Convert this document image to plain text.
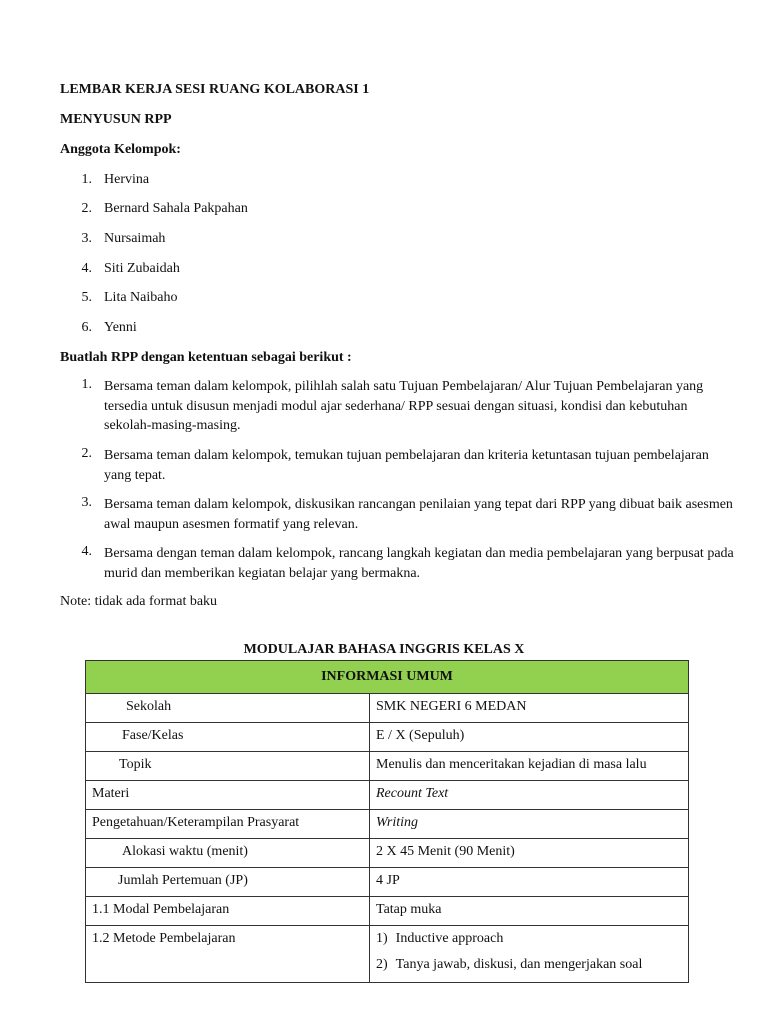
LEMBAR KERJA SESI RUANG KOLABORASI 1
MENYUSUN RPP
Anggota Kelompok:
1. Hervina
2. Bernard Sahala Pakpahan
3. Nursaimah
4. Siti Zubaidah
5. Lita Naibaho
6. Yenni
Buatlah RPP dengan ketentuan sebagai berikut :
1. Bersama teman dalam kelompok, pilihlah salah satu Tujuan Pembelajaran/ Alur Tujuan Pembelajaran yang tersedia untuk disusun menjadi modul ajar sederhana/ RPP sesuai dengan situasi, kondisi dan kebutuhan sekolah-masing-masing.
2. Bersama teman dalam kelompok, temukan tujuan pembelajaran dan kriteria ketuntasan tujuan pembelajaran yang tepat.
3. Bersama teman dalam kelompok, diskusikan rancangan penilaian yang tepat dari RPP yang dibuat baik asesmen awal maupun asesmen formatif yang relevan.
4. Bersama dengan teman dalam kelompok, rancang langkah kegiatan dan media pembelajaran yang berpusat pada murid dan memberikan kegiatan belajar yang bermakna.
Note: tidak ada format baku
MODULAJAR BAHASA INGGRIS KELAS X
INFORMASI UMUM	
Sekolah	SMK NEGERI 6 MEDAN
Fase/Kelas	E / X (Sepuluh)
Topik	Menulis dan menceritakan kejadian di masa lalu
Materi	Recount Text
Pengetahuan/Keterampilan Prasyarat	Writing
Alokasi waktu (menit)	2 X 45 Menit (90 Menit)
Jumlah Pertemuan (JP)	4 JP
1.1 Modal Pembelajaran	Tatap muka
1.2 Metode Pembelajaran	1) Inductive approach
2) Tanya jawab, diskusi, dan mengerjakan soal
